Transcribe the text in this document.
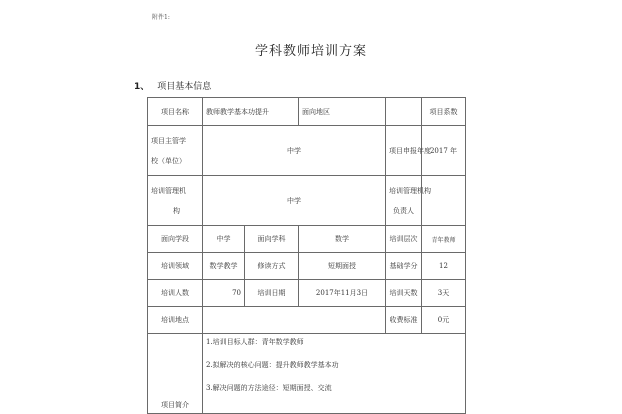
附件1:
学科教师培训方案
1、 项目基本信息
项目名称	教师教学基本功提升		面向地区		项目系数

项目主管学
校（单位）	中学			项目申报年度	2017 年

培训管理机
构	中学			培训管理机构
负责人	

面向学段	中学	面向学科	数学	培训层次	青年教师
培训领域	数学教学	修读方式	短期面授	基础学分	12
培训人数	70	培训日期	2017年11月3日	培训天数	3天
培训地点				收费标准	0元
项目简介	1.培训目标人群：青年数学教师
2.拟解决的核心问题：提升教师教学基本功
3.解决问题的方法途径：短期面授、交流				
